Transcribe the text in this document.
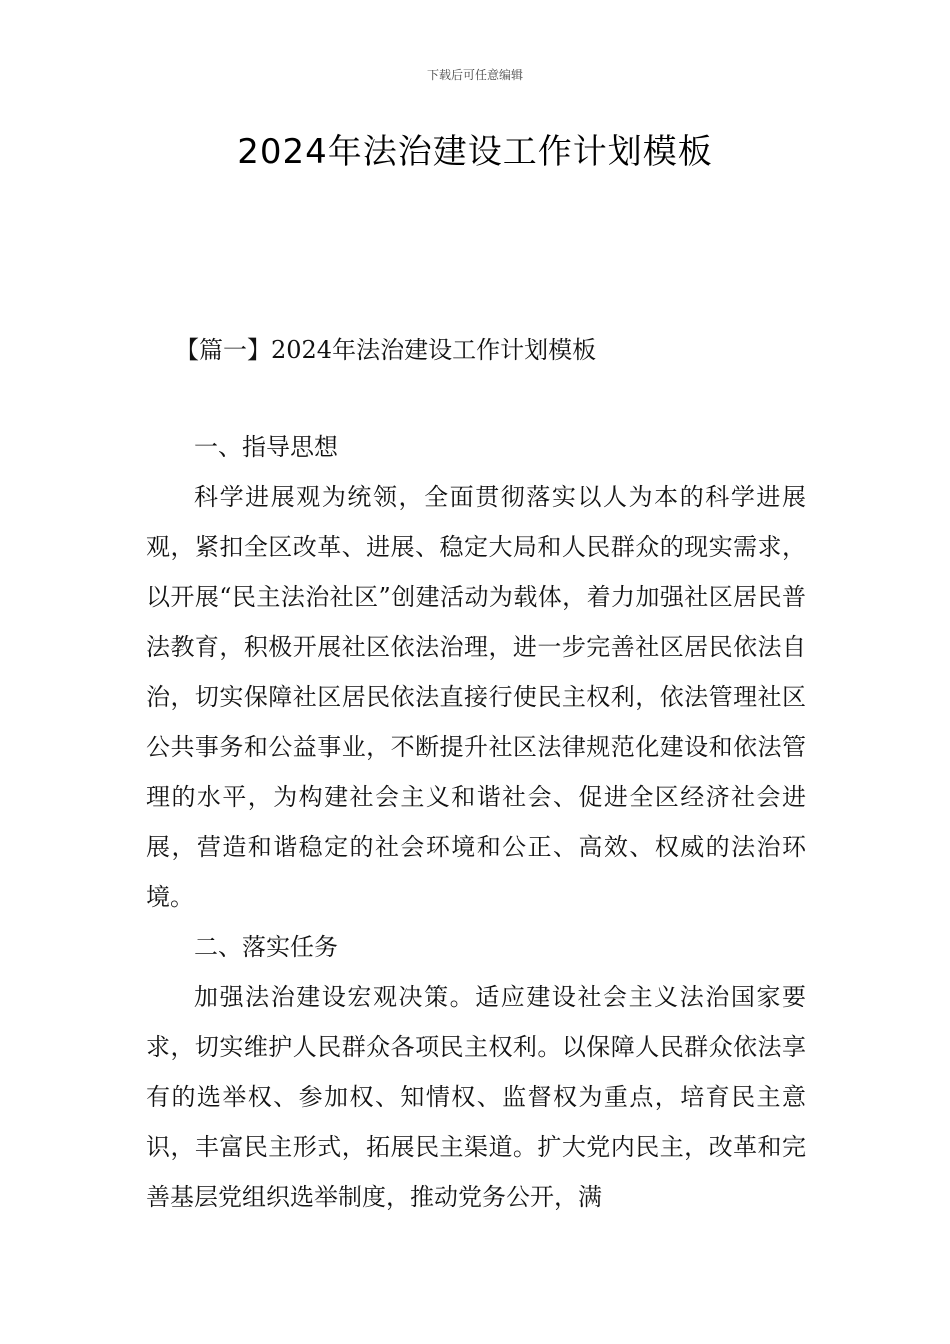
下载后可任意编辑
2024年法治建设工作计划模板
【篇一】2024年法治建设工作计划模板

一、指导思想

科学进展观为统领，全面贯彻落实以人为本的科学进展观，紧扣全区改革、进展、稳定大局和人民群众的现实需求，以开展“民主法治社区”创建活动为载体，着力加强社区居民普法教育，积极开展社区依法治理，进一步完善社区居民依法自治，切实保障社区居民依法直接行使民主权利，依法管理社区公共事务和公益事业，不断提升社区法律规范化建设和依法管理的水平，为构建社会主义和谐社会、促进全区经济社会进展，营造和谐稳定的社会环境和公正、高效、权威的法治环境。

二、落实任务

加强法治建设宏观决策。适应建设社会主义法治国家要求，切实维护人民群众各项民主权利。以保障人民群众依法享有的选举权、参加权、知情权、监督权为重点，培育民主意识，丰富民主形式，拓展民主渠道。扩大党内民主，改革和完善基层党组织选举制度，推动党务公开，满
